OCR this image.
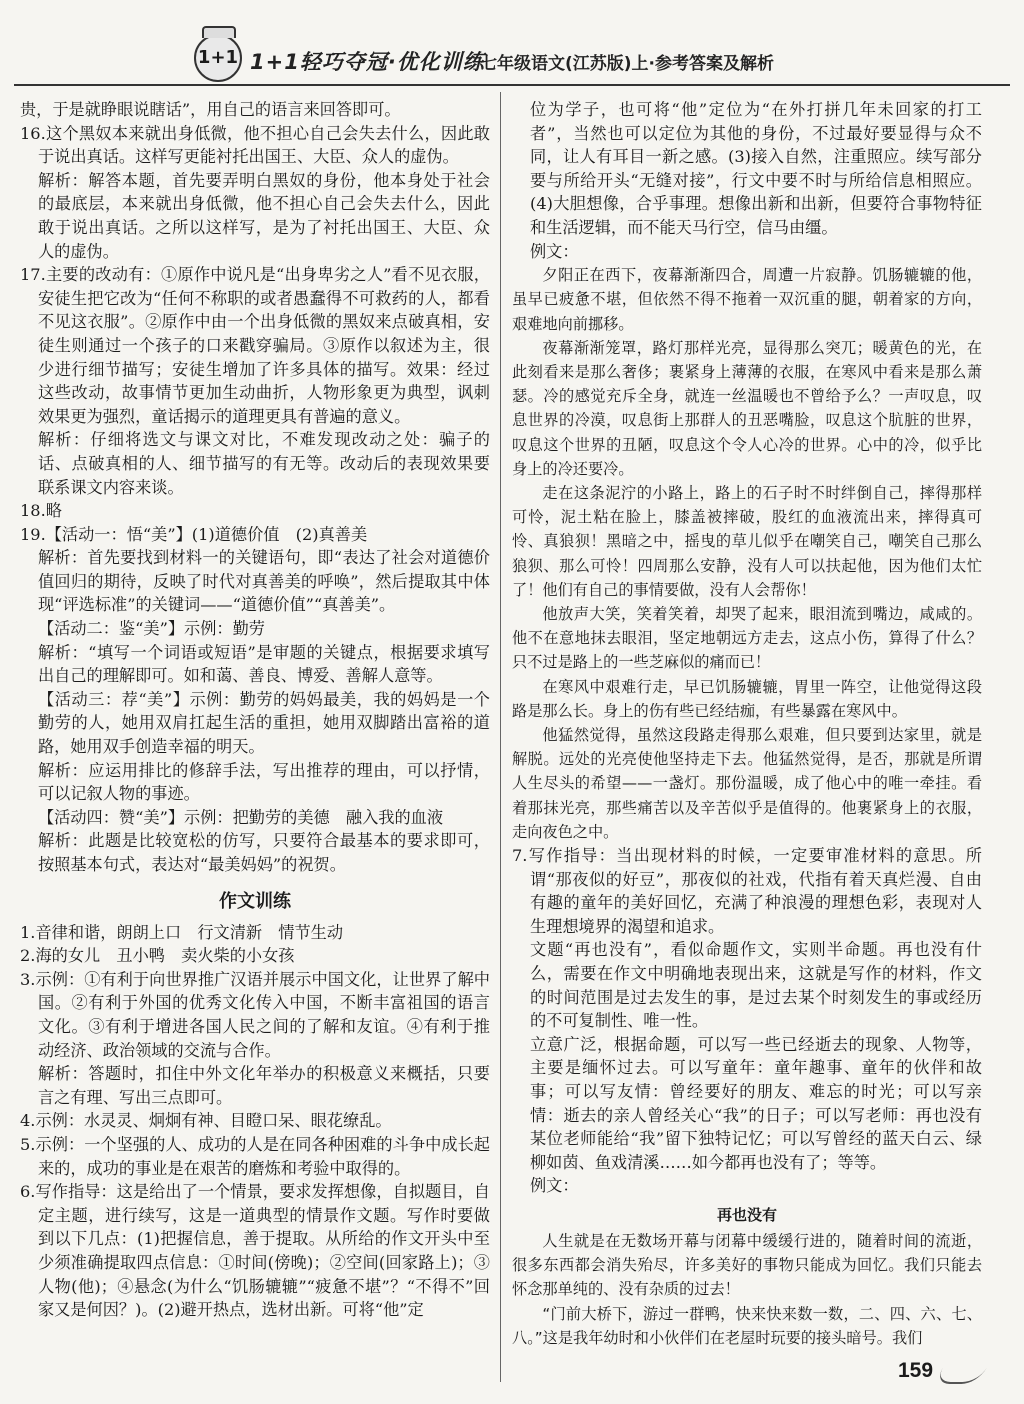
1+1 1+1轻巧夺冠·优化训练
七年级语文(江苏版)上·参考答案及解析

贵，于是就睁眼说瞎话”，用自己的语言来回答即可。

16.这个黑奴本来就出身低微，他不担心自己会失去什么，因此敢于说出真话。这样写更能衬托出国王、大臣、众人的虚伪。

解析：解答本题，首先要弄明白黑奴的身份，他本身处于社会的最底层，本来就出身低微，他不担心自己会失去什么，因此敢于说出真话。之所以这样写，是为了衬托出国王、大臣、众人的虚伪。

17.主要的改动有：①原作中说凡是“出身卑劣之人”看不见衣服，安徒生把它改为“任何不称职的或者愚蠢得不可救药的人，都看不见这衣服”。②原作中由一个出身低微的黑奴来点破真相，安徒生则通过一个孩子的口来戳穿骗局。③原作以叙述为主，很少进行细节描写；安徒生增加了许多具体的描写。效果：经过这些改动，故事情节更加生动曲折，人物形象更为典型，讽刺效果更为强烈，童话揭示的道理更具有普遍的意义。

解析：仔细将选文与课文对比，不难发现改动之处：骗子的话、点破真相的人、细节描写的有无等。改动后的表现效果要联系课文内容来谈。

18.略

19.【活动一：悟“美”】(1)道德价值　(2)真善美

解析：首先要找到材料一的关键语句，即“表达了社会对道德价值回归的期待，反映了时代对真善美的呼唤”，然后提取其中体现“评选标准”的关键词——“道德价值”“真善美”。

【活动二：鉴“美”】示例：勤劳

解析：“填写一个词语或短语”是审题的关键点，根据要求填写出自己的理解即可。如和蔼、善良、博爱、善解人意等。

【活动三：荐“美”】示例：勤劳的妈妈最美，我的妈妈是一个勤劳的人，她用双肩扛起生活的重担，她用双脚踏出富裕的道路，她用双手创造幸福的明天。

解析：应运用排比的修辞手法，写出推荐的理由，可以抒情，可以记叙人物的事迹。

【活动四：赞“美”】示例：把勤劳的美德　融入我的血液

解析：此题是比较宽松的仿写，只要符合最基本的要求即可，按照基本句式，表达对“最美妈妈”的祝贺。

作文训练

1.音律和谐，朗朗上口　行文清新　情节生动

2.海的女儿　丑小鸭　卖火柴的小女孩

3.示例：①有利于向世界推广汉语并展示中国文化，让世界了解中国。②有利于外国的优秀文化传入中国，不断丰富祖国的语言文化。③有利于增进各国人民之间的了解和友谊。④有利于推动经济、政治领域的交流与合作。

解析：答题时，扣住中外文化年举办的积极意义来概括，只要言之有理、写出三点即可。

4.示例：水灵灵、炯炯有神、目瞪口呆、眼花缭乱。

5.示例：一个坚强的人、成功的人是在同各种困难的斗争中成长起来的，成功的事业是在艰苦的磨炼和考验中取得的。

6.写作指导：这是给出了一个情景，要求发挥想像，自拟题目，自定主题，进行续写，这是一道典型的情景作文题。写作时要做到以下几点：(1)把握信息，善于提取。从所给的作文开头中至少须准确提取四点信息：①时间(傍晚)；②空间(回家路上)；③人物(他)；④悬念(为什么“饥肠辘辘”“疲惫不堪”？“不得不”回家又是何因？)。(2)避开热点，选材出新。可将“他”定

位为学子，也可将“他”定位为“在外打拼几年未回家的打工者”，当然也可以定位为其他的身份，不过最好要显得与众不同，让人有耳目一新之感。(3)接入自然，注重照应。续写部分要与所给开头“无缝对接”，行文中要不时与所给信息相照应。(4)大胆想像，合乎事理。想像出新和出新，但要符合事物特征和生活逻辑，而不能天马行空，信马由缰。

例文：

夕阳正在西下，夜幕渐渐四合，周遭一片寂静。饥肠辘辘的他，虽早已疲惫不堪，但依然不得不拖着一双沉重的腿，朝着家的方向，艰难地向前挪移。

夜幕渐渐笼罩，路灯那样光亮，显得那么突兀；暖黄色的光，在此刻看来是那么奢侈；裹紧身上薄薄的衣服，在寒风中看来是那么萧瑟。冷的感觉充斥全身，就连一丝温暖也不曾给予么？一声叹息，叹息世界的冷漠，叹息街上那群人的丑恶嘴脸，叹息这个肮脏的世界，叹息这个世界的丑陋，叹息这个令人心冷的世界。心中的冷，似乎比身上的冷还要冷。

走在这条泥泞的小路上，路上的石子时不时绊倒自己，摔得那样可怜，泥土粘在脸上，膝盖被摔破，股红的血液流出来，摔得真可怜、真狼狈！黑暗之中，摇曳的草儿似乎在嘲笑自己，嘲笑自己那么狼狈、那么可怜！四周那么安静，没有人可以扶起他，因为他们太忙了！他们有自己的事情要做，没有人会帮你！

他放声大笑，笑着笑着，却哭了起来，眼泪流到嘴边，咸咸的。他不在意地抹去眼泪，坚定地朝远方走去，这点小伤，算得了什么？只不过是路上的一些芝麻似的痛而已！

在寒风中艰难行走，早已饥肠辘辘，胃里一阵空，让他觉得这段路是那么长。身上的伤有些已经结痂，有些暴露在寒风中。

他猛然觉得，虽然这段路走得那么艰难，但只要到达家里，就是解脱。远处的光亮使他坚持走下去。他猛然觉得，是否，那就是所谓人生尽头的希望——一盏灯。那份温暖，成了他心中的唯一牵挂。看着那抹光亮，那些痛苦以及辛苦似乎是值得的。他裹紧身上的衣服，走向夜色之中。

7.写作指导：当出现材料的时候，一定要审准材料的意思。所谓“那夜似的好豆”，那夜似的社戏，代指有着天真烂漫、自由有趣的童年的美好回忆，充满了种浪漫的理想色彩，表现对人生理想境界的渴望和追求。

文题“再也没有”，看似命题作文，实则半命题。再也没有什么，需要在作文中明确地表现出来，这就是写作的材料，作文的时间范围是过去发生的事，是过去某个时刻发生的事或经历的不可复制性、唯一性。

立意广泛，根据命题，可以写一些已经逝去的现象、人物等，主要是缅怀过去。可以写童年：童年趣事、童年的伙伴和故事；可以写友情：曾经要好的朋友、难忘的时光；可以写亲情：逝去的亲人曾经关心“我”的日子；可以写老师：再也没有某位老师能给“我”留下独特记忆；可以写曾经的蓝天白云、绿柳如茵、鱼戏清溪……如今都再也没有了；等等。

例文：

再也没有

人生就是在无数场开幕与闭幕中缓缓行进的，随着时间的流逝，很多东西都会消失殆尽，许多美好的事物只能成为回忆。我们只能去怀念那单纯的、没有杂质的过去！

“门前大桥下，游过一群鸭，快来快来数一数，二、四、六、七、八。”这是我年幼时和小伙伴们在老屋时玩要的接头暗号。我们

159
